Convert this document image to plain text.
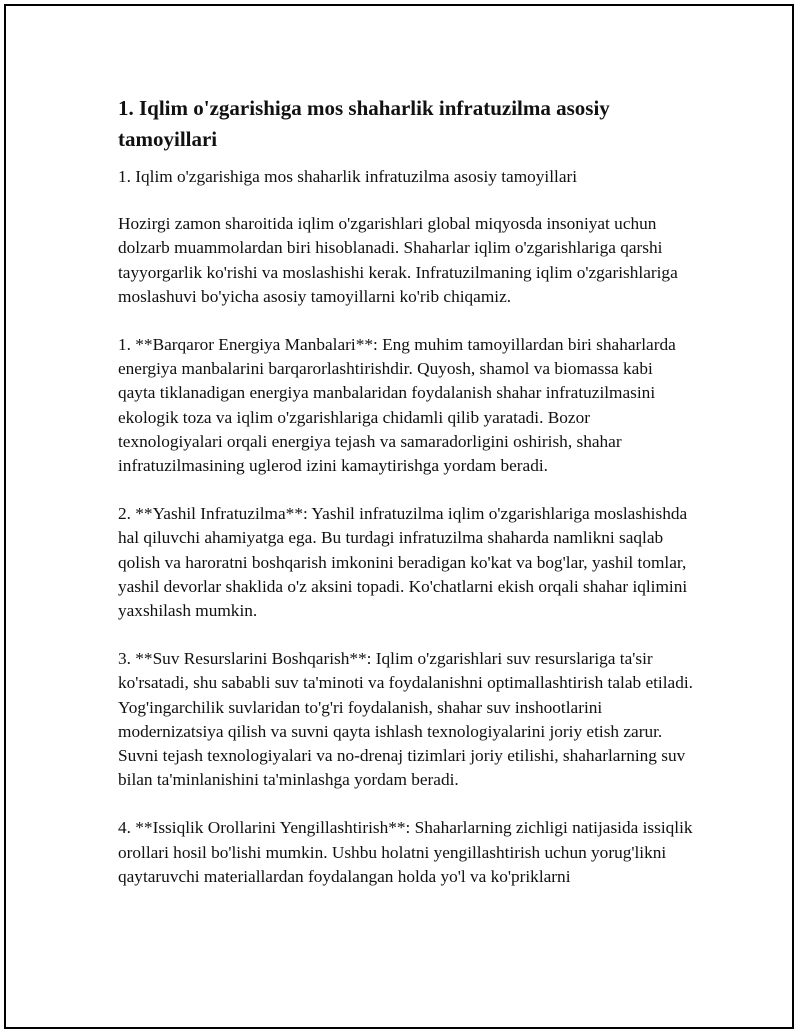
1. Iqlim o'zgarishiga mos shaharlik infratuzilma asosiy tamoyillari

1. Iqlim o'zgarishiga mos shaharlik infratuzilma asosiy tamoyillari

Hozirgi zamon sharoitida iqlim o'zgarishlari global miqyosda insoniyat uchun dolzarb muammolardan biri hisoblanadi. Shaharlar iqlim o'zgarishlariga qarshi tayyorgarlik ko'rishi va moslashishi kerak. Infratuzilmaning iqlim o'zgarishlariga moslashuvi bo'yicha asosiy tamoyillarni ko'rib chiqamiz.

1. **Barqaror Energiya Manbalari**: Eng muhim tamoyillardan biri shaharlarda energiya manbalarini barqarorlashtirishdir. Quyosh, shamol va biomassa kabi qayta tiklanadigan energiya manbalaridan foydalanish shahar infratuzilmasini ekologik toza va iqlim o'zgarishlariga chidamli qilib yaratadi. Bozor texnologiyalari orqali energiya tejash va samaradorligini oshirish, shahar infratuzilmasining uglerod izini kamaytirishga yordam beradi.

2. **Yashil Infratuzilma**: Yashil infratuzilma iqlim o'zgarishlariga moslashishda hal qiluvchi ahamiyatga ega. Bu turdagi infratuzilma shaharda namlikni saqlab qolish va haroratni boshqarish imkonini beradigan ko'kat va bog'lar, yashil tomlar, yashil devorlar shaklida o'z aksini topadi. Ko'chatlarni ekish orqali shahar iqlimini yaxshilash mumkin.

3. **Suv Resurslarini Boshqarish**: Iqlim o'zgarishlari suv resurslariga ta'sir ko'rsatadi, shu sababli suv ta'minoti va foydalanishni optimallashtirish talab etiladi. Yog'ingarchilik suvlaridan to'g'ri foydalanish, shahar suv inshootlarini modernizatsiya qilish va suvni qayta ishlash texnologiyalarini joriy etish zarur. Suvni tejash texnologiyalari va no-drenaj tizimlari joriy etilishi, shaharlarning suv bilan ta'minlanishini ta'minlashga yordam beradi.

4. **Issiqlik Orollarini Yengillashtirish**: Shaharlarning zichligi natijasida issiqlik orollari hosil bo'lishi mumkin. Ushbu holatni yengillashtirish uchun yorug'likni qaytaruvchi materiallardan foydalangan holda yo'l va ko'priklarni
